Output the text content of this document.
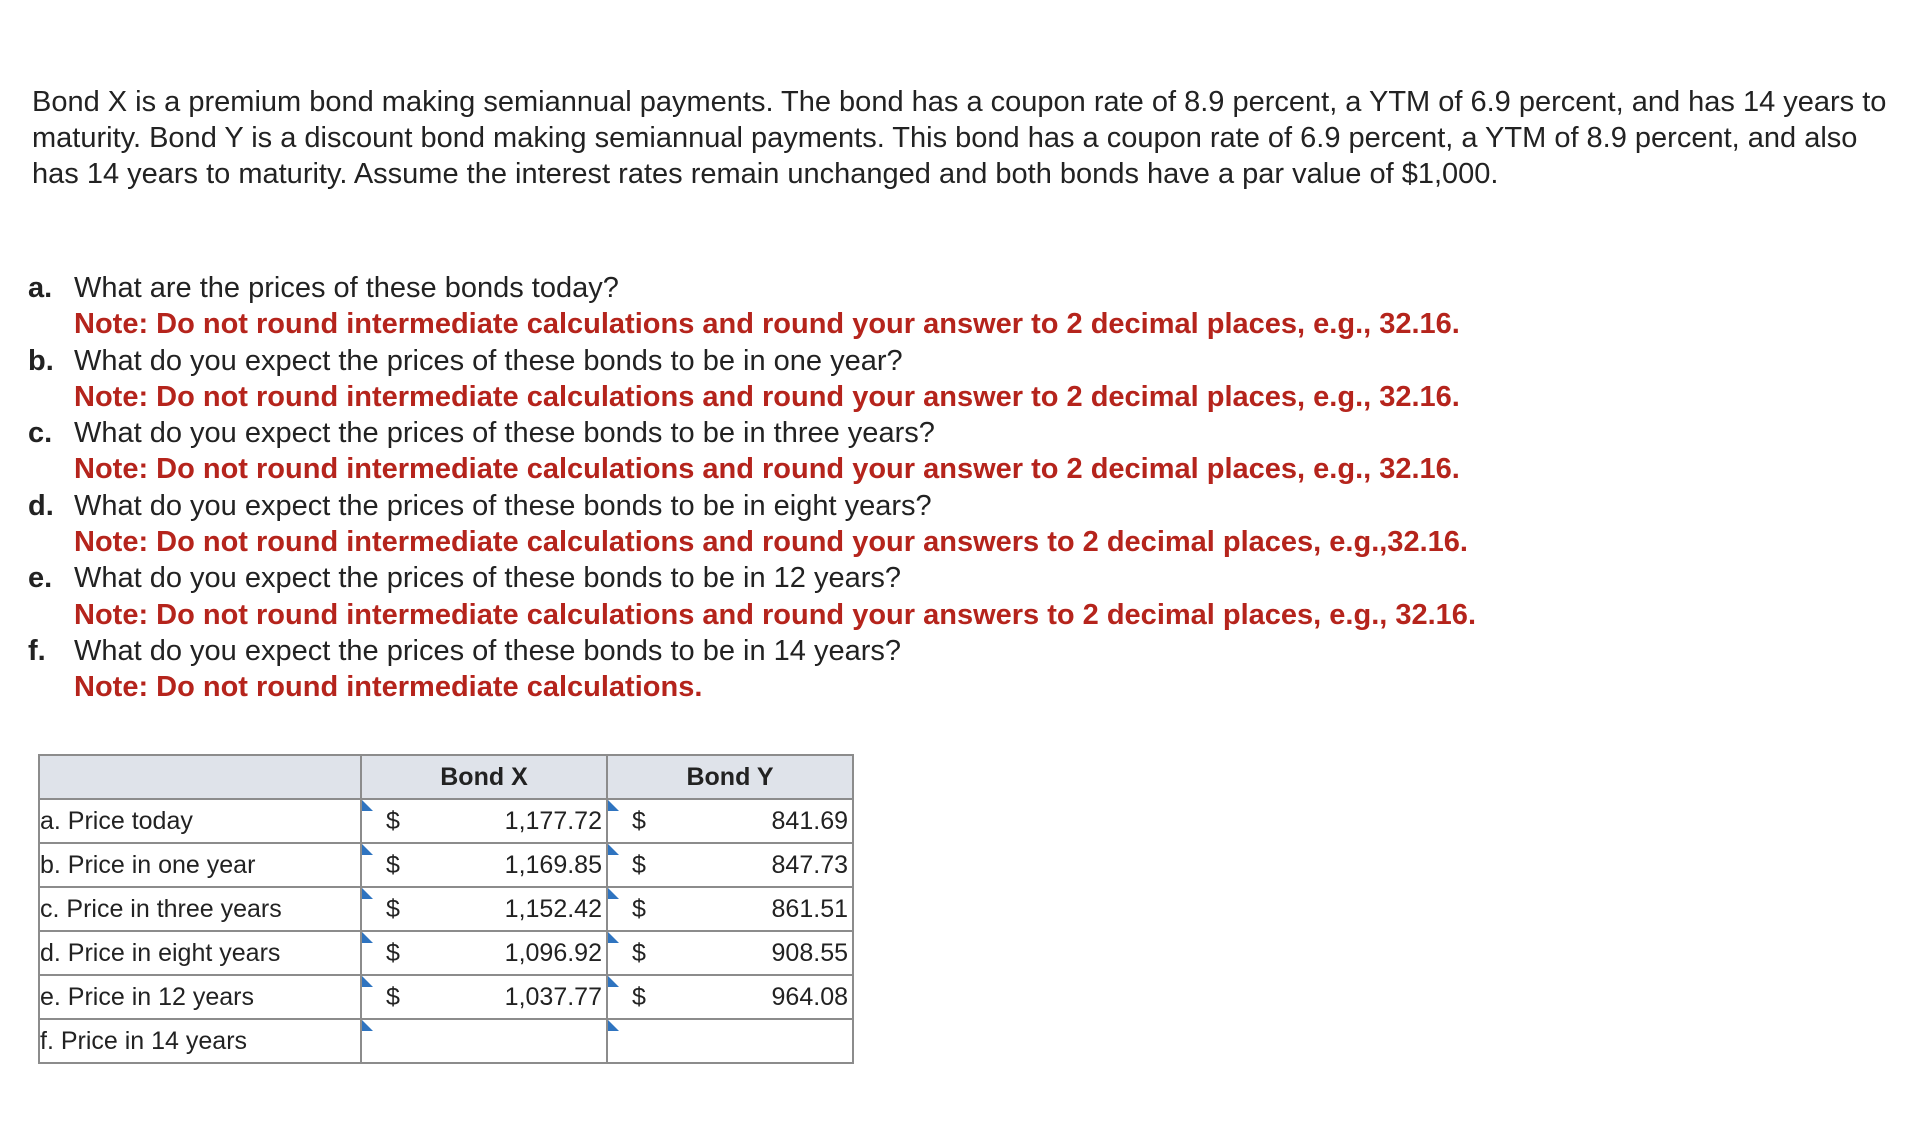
Bond X is a premium bond making semiannual payments. The bond has a coupon rate of 8.9 percent, a YTM of 6.9 percent, and has 14 years to maturity. Bond Y is a discount bond making semiannual payments. This bond has a coupon rate of 6.9 percent, a YTM of 8.9 percent, and also has 14 years to maturity. Assume the interest rates remain unchanged and both bonds have a par value of $1,000.

a. What are the prices of these bonds today?
Note: Do not round intermediate calculations and round your answer to 2 decimal places, e.g., 32.16.
b. What do you expect the prices of these bonds to be in one year?
Note: Do not round intermediate calculations and round your answer to 2 decimal places, e.g., 32.16.
c. What do you expect the prices of these bonds to be in three years?
Note: Do not round intermediate calculations and round your answer to 2 decimal places, e.g., 32.16.
d. What do you expect the prices of these bonds to be in eight years?
Note: Do not round intermediate calculations and round your answers to 2 decimal places, e.g.,32.16.
e. What do you expect the prices of these bonds to be in 12 years?
Note: Do not round intermediate calculations and round your answers to 2 decimal places, e.g., 32.16.
f. What do you expect the prices of these bonds to be in 14 years?
Note: Do not round intermediate calculations.
	Bond X	Bond Y
a. Price today	$ 1,177.72	$ 841.69

b. Price in one year	$ 1,169.85	$ 847.73

c. Price in three years	$ 1,152.42	$ 861.51

d. Price in eight years	$ 1,096.92	$ 908.55

e. Price in 12 years	$ 1,037.77	$ 964.08

f. Price in 14 years	
